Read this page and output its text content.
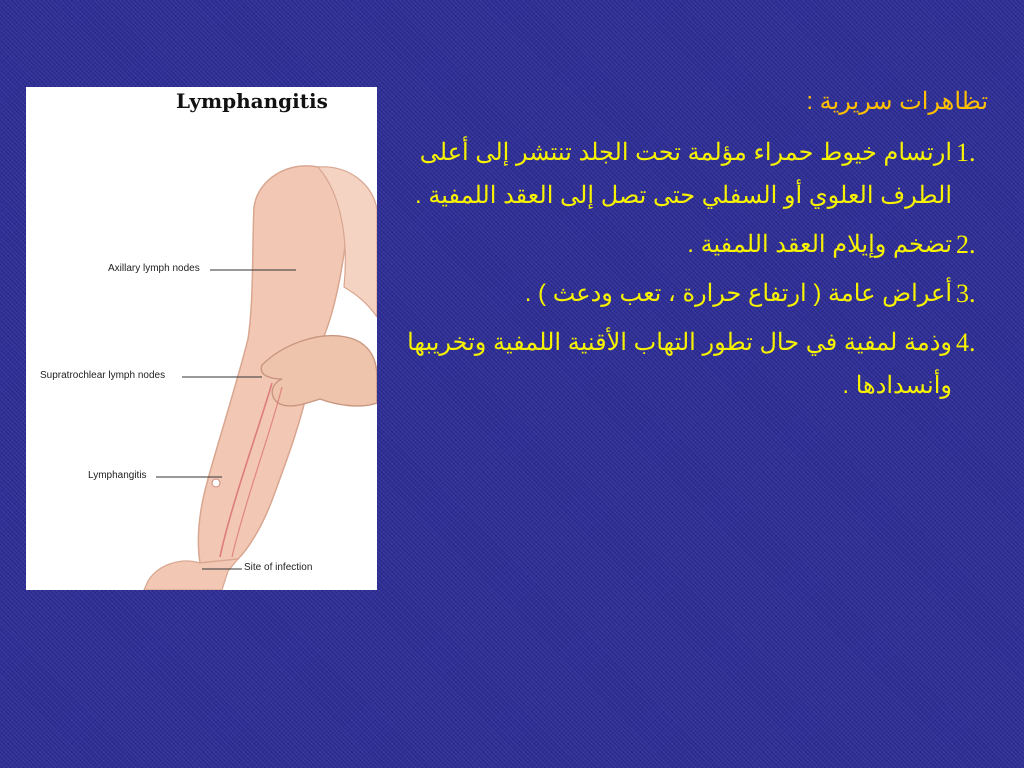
Lymphangitis
Axillary lymph nodes
Supratrochlear lymph nodes
Lymphangitis
Site of infection
تظاهرات سريرية :
1.
ارتسام خيوط حمراء مؤلمة تحت الجلد تنتشر إلى أعلى الطرف العلوي أو السفلي حتى تصل إلى العقد اللمفية .
2.
تضخم وإيلام العقد اللمفية .
3.
أعراض عامة ( ارتفاع حرارة ، تعب ودعث ) .
4.
وذمة لمفية في حال تطور التهاب الأقنية اللمفية وتخريبها وأنسدادها .
